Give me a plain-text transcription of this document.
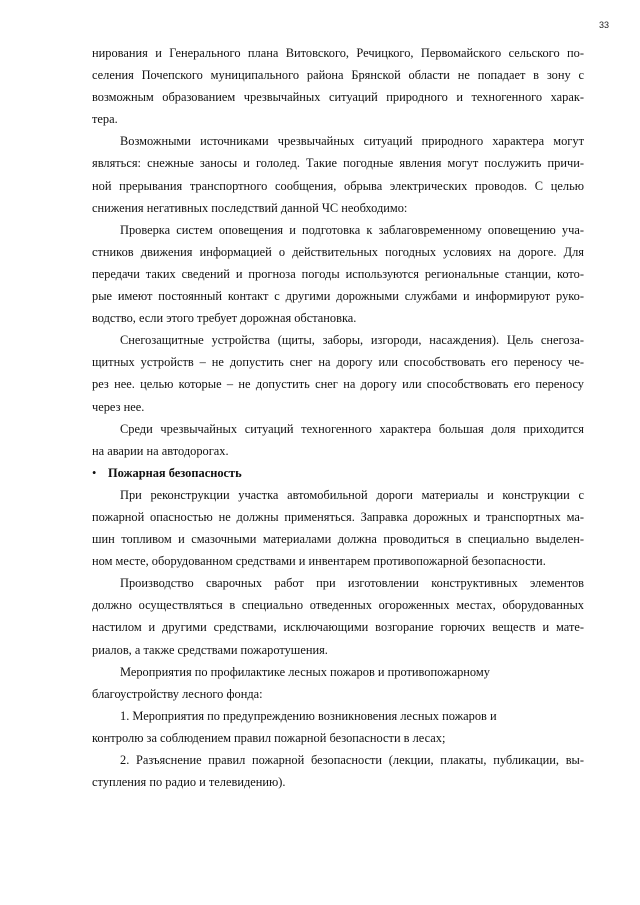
33

нирования и Генерального плана Витовского, Речицкого, Первомайского сельского по-
селения Почепского муниципального района Брянской области не попадает в зону с
возможным образованием чрезвычайных ситуаций природного и техногенного харак-
тера.

Возможными источниками чрезвычайных ситуаций природного характера могут
являться: снежные заносы и гололед. Такие погодные явления могут послужить причи-
ной прерывания транспортного сообщения, обрыва электрических проводов. С целью
снижения негативных последствий данной ЧС необходимо:

Проверка систем оповещения и подготовка к заблаговременному оповещению уча-
стников движения информацией о действительных погодных условиях на дороге. Для
передачи таких сведений и прогноза погоды используются региональные станции, кото-
рые имеют постоянный контакт с другими дорожными службами и информируют руко-
водство, если этого требует дорожная обстановка.

Снегозащитные устройства (щиты, заборы, изгороди, насаждения). Цель снегоза-
щитных устройств – не допустить снег на дорогу или способствовать его переносу че-
рез нее. целью которые – не допустить снег на дорогу или способствовать его переносу
через нее.

Среди чрезвычайных ситуаций техногенного характера большая доля приходится
на аварии на автодорогах.

• Пожарная безопасность

При реконструкции участка автомобильной дороги материалы и конструкции с
пожарной опасностью не должны применяться. Заправка дорожных и транспортных ма-
шин топливом и смазочными материалами должна проводиться в специально выделен-
ном месте, оборудованном средствами и инвентарем противопожарной безопасности.

Производство сварочных работ при изготовлении конструктивных элементов
должно осуществляться в специально отведенных огороженных местах, оборудованных
настилом и другими средствами, исключающими возгорание горючих веществ и мате-
риалов, а также средствами пожаротушения.

Мероприятия по профилактике лесных пожаров и противопожарному
благоустройству лесного фонда:

1. Мероприятия по предупреждению возникновения лесных пожаров и
контролю за соблюдением правил пожарной безопасности в лесах;

2. Разъяснение правил пожарной безопасности (лекции, плакаты, публикации, вы-
ступления по радио и телевидению).
